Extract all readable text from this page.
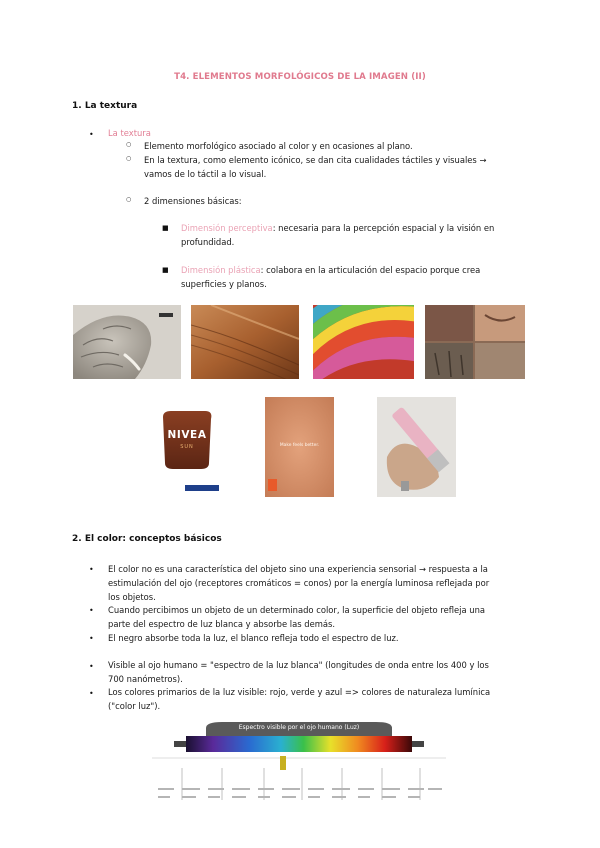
T4. ELEMENTOS MORFOLÓGICOS DE LA IMAGEN (II)
1. La textura
• La textura
○ Elemento morfológico asociado al color y en ocasiones al plano.
○ En la textura, como elemento icónico, se dan cita cualidades táctiles y visuales →
vamos de lo táctil a lo visual.
○ 2 dimensiones básicas:
■ Dimensión perceptiva: necesaria para la percepción espacial y la visión en
profundidad.
■ Dimensión plástica: colabora en la articulación del espacio porque crea
superficies y planos.
NIVEA
SUN	Make feels better.
2. El color: conceptos básicos
• El color no es una característica del objeto sino una experiencia sensorial → respuesta a la
estimulación del ojo (receptores cromáticos = conos) por la energía luminosa reflejada por
los objetos.
• Cuando percibimos un objeto de un determinado color, la superficie del objeto refleja una
parte del espectro de luz blanca y absorbe las demás.
• El negro absorbe toda la luz, el blanco refleja todo el espectro de luz.
• Visible al ojo humano = "espectro de la luz blanca" (longitudes de onda entre los 400 y los
700 nanómetros).
• Los colores primarios de la luz visible: rojo, verde y azul => colores de naturaleza lumínica
("color luz").
Espectro visible por el ojo humano (Luz)
